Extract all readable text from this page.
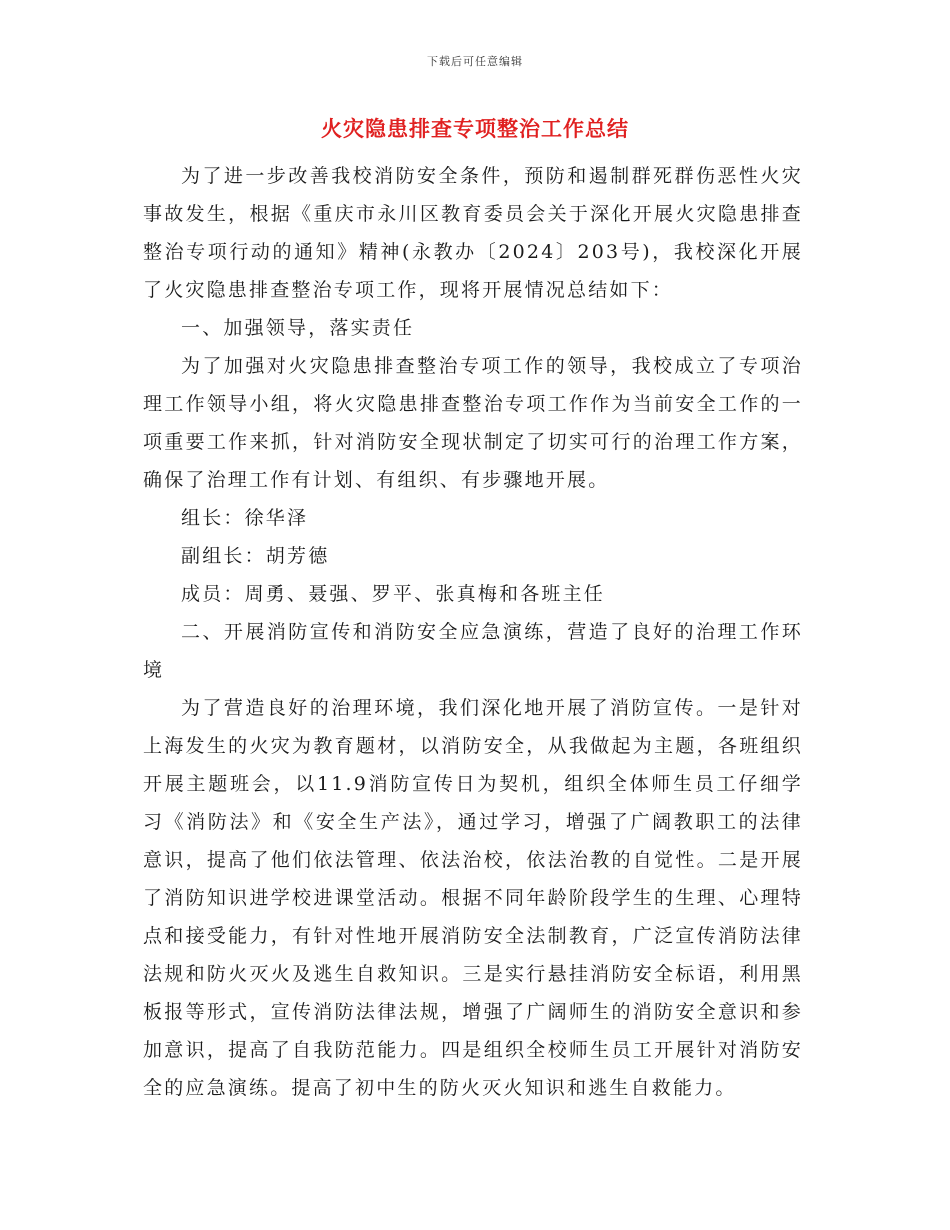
下载后可任意编辑
火灾隐患排查专项整治工作总结

为了进一步改善我校消防安全条件，预防和遏制群死群伤恶性火灾事故发生，根据《重庆市永川区教育委员会关于深化开展火灾隐患排查整治专项行动的通知》精神(永教办〔2024〕203号)，我校深化开展了火灾隐患排查整治专项工作，现将开展情况总结如下：

一、加强领导，落实责任

为了加强对火灾隐患排查整治专项工作的领导，我校成立了专项治理工作领导小组，将火灾隐患排查整治专项工作作为当前安全工作的一项重要工作来抓，针对消防安全现状制定了切实可行的治理工作方案，确保了治理工作有计划、有组织、有步骤地开展。

组长：徐华泽

副组长：胡芳德

成员：周勇、聂强、罗平、张真梅和各班主任

二、开展消防宣传和消防安全应急演练，营造了良好的治理工作环境

为了营造良好的治理环境，我们深化地开展了消防宣传。一是针对上海发生的火灾为教育题材，以消防安全，从我做起为主题，各班组织开展主题班会，以11.9消防宣传日为契机，组织全体师生员工仔细学习《消防法》和《安全生产法》，通过学习，增强了广阔教职工的法律意识，提高了他们依法管理、依法治校，依法治教的自觉性。二是开展了消防知识进学校进课堂活动。根据不同年龄阶段学生的生理、心理特点和接受能力，有针对性地开展消防安全法制教育，广泛宣传消防法律法规和防火灭火及逃生自救知识。三是实行悬挂消防安全标语，利用黑板报等形式，宣传消防法律法规，增强了广阔师生的消防安全意识和参加意识，提高了自我防范能力。四是组织全校师生员工开展针对消防安全的应急演练。提高了初中生的防火灭火知识和逃生自救能力。
